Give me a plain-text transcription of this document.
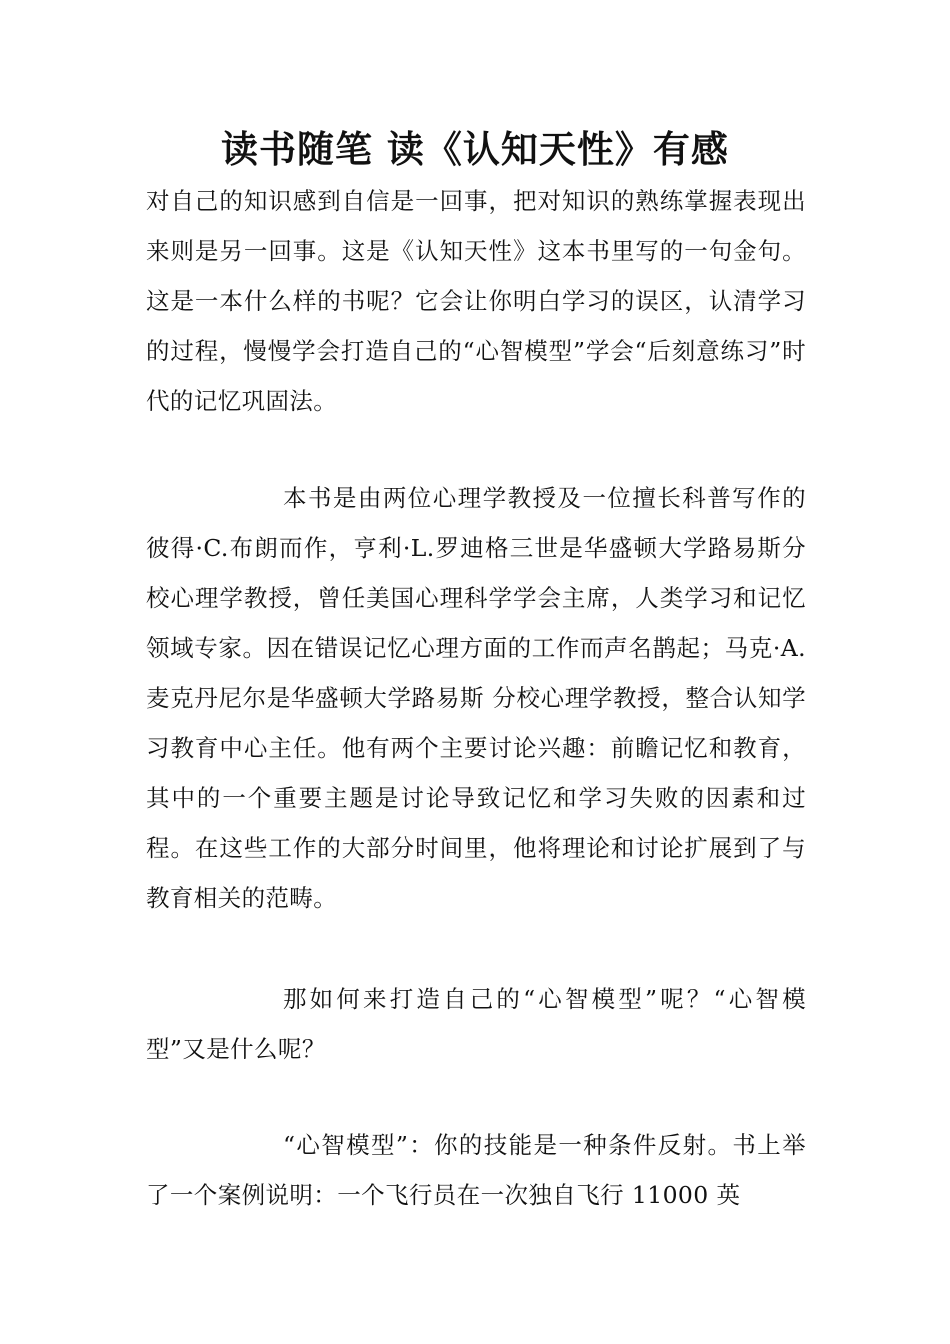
读书随笔 读《认知天性》有感

对自己的知识感到自信是一回事，把对知识的熟练掌握表现出来则是另一回事。这是《认知天性》这本书里写的一句金句。这是一本什么样的书呢？它会让你明白学习的误区，认清学习的过程，慢慢学会打造自己的“心智模型”学会“后刻意练习”时代的记忆巩固法。

本书是由两位心理学教授及一位擅长科普写作的彼得·C.布朗而作，亨利·L.罗迪格三世是华盛顿大学路易斯分校心理学教授，曾任美国心理科学学会主席，人类学习和记忆领域专家。因在错误记忆心理方面的工作而声名鹊起；马克·A.麦克丹尼尔是华盛顿大学路易斯 分校心理学教授，整合认知学习教育中心主任。他有两个主要讨论兴趣：前瞻记忆和教育，其中的一个重要主题是讨论导致记忆和学习失败的因素和过程。在这些工作的大部分时间里，他将理论和讨论扩展到了与教育相关的范畴。

那如何来打造自己的“心智模型”呢？“心智模型”又是什么呢？

“心智模型”：你的技能是一种条件反射。书上举了一个案例说明：一个飞行员在一次独自飞行 11000 英
